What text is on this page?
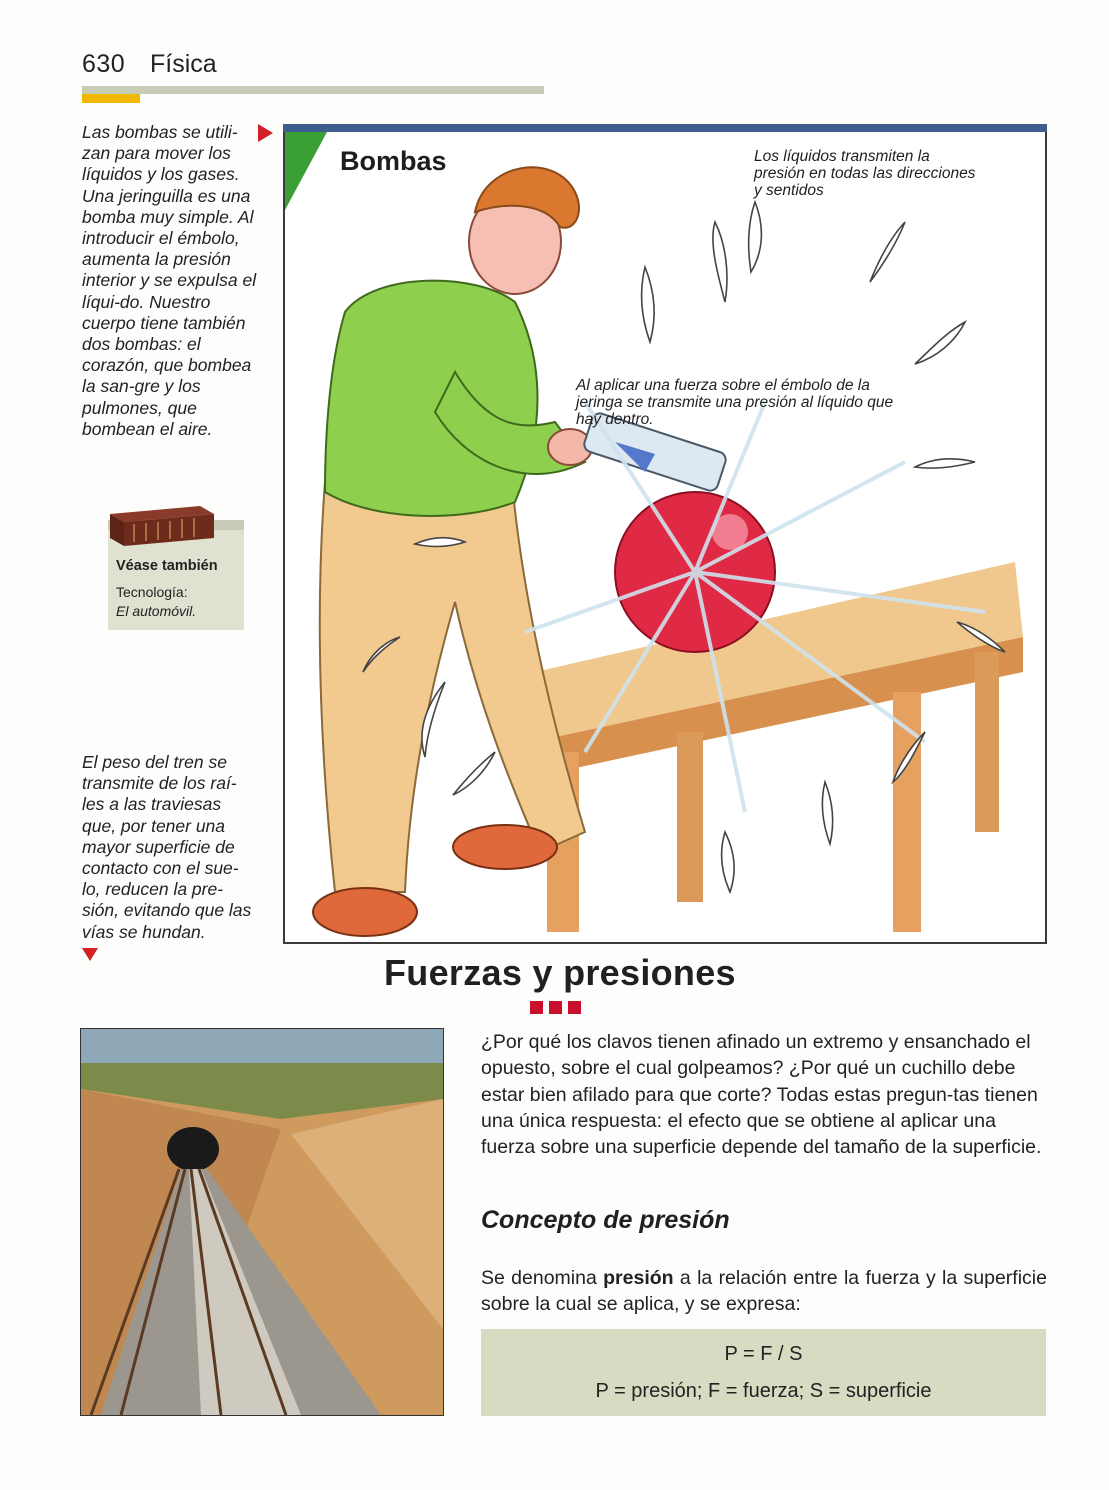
630 Física
Las bombas se utili-zan para mover los líquidos y los gases. Una jeringuilla es una bomba muy simple. Al introducir el émbolo, aumenta la presión interior y se expulsa el líqui-do. Nuestro cuerpo tiene también dos bombas: el corazón, que bombea la san-gre y los pulmones, que bombean el aire.
Véase también
Tecnología:
El automóvil.
El peso del tren se transmite de los raí-les a las traviesas que, por tener una mayor superficie de contacto con el sue-lo, reducen la pre-sión, evitando que las vías se hundan.
Bombas	Los líquidos transmiten la presión en todas las direcciones y sentidos
Al aplicar una fuerza sobre el émbolo de la jeringa se transmite una presión al líquido que hay dentro.
Fuerzas y presiones
¿Por qué los clavos tienen afinado un extremo y ensanchado el opuesto, sobre el cual golpeamos? ¿Por qué un cuchillo debe estar bien afilado para que corte? Todas estas pregun-tas tienen una única respuesta: el efecto que se obtiene al aplicar una fuerza sobre una superficie depende del tamaño de la superficie.
Concepto de presión
Se denomina presión a la relación entre la fuerza y la superficie sobre la cual se aplica, y se expresa:
P = F / S
P = presión; F = fuerza; S = superficie
